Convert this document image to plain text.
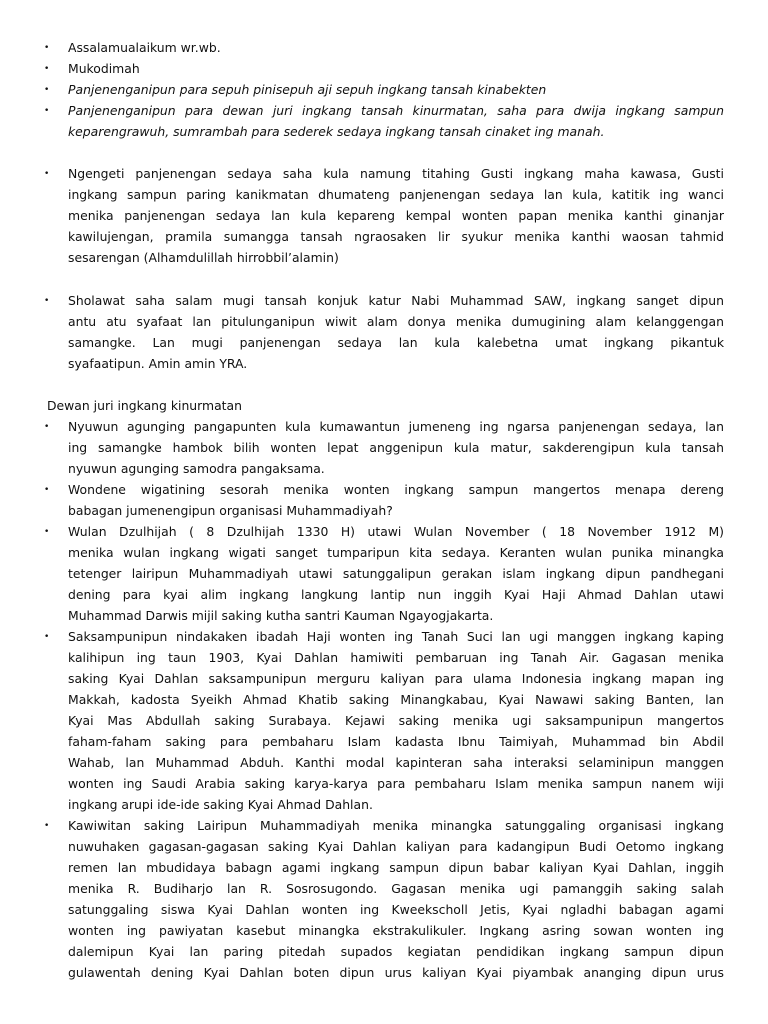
• Assalamualaikum wr.wb.
• Mukodimah
• Panjenenganipun para sepuh pinisepuh aji sepuh ingkang tansah kinabekten
• Panjenenganipun para dewan juri ingkang tansah kinurmatan, saha para dwija ingkang sampun
keparengrawuh, sumrambah para sederek sedaya ingkang tansah cinaket ing manah.
• Ngengeti panjenengan sedaya saha kula namung titahing Gusti ingkang maha kawasa, Gusti
ingkang sampun paring kanikmatan dhumateng panjenengan sedaya lan kula, katitik ing wanci
menika panjenengan sedaya lan kula kepareng kempal wonten papan menika kanthi ginanjar
kawilujengan, pramila sumangga tansah ngraosaken lir syukur menika kanthi waosan tahmid
sesarengan (Alhamdulillah hirrobbil’alamin)
• Sholawat saha salam mugi tansah konjuk katur Nabi Muhammad SAW, ingkang sanget dipun
antu atu syafaat lan pitulunganipun wiwit alam donya menika dumugining alam kelanggengan
samangke. Lan mugi panjenengan sedaya lan kula kalebetna umat ingkang pikantuk
syafaatipun. Amin amin YRA.
Dewan juri ingkang kinurmatan
• Nyuwun agunging pangapunten kula kumawantun jumeneng ing ngarsa panjenengan sedaya, lan
ing samangke hambok bilih wonten lepat anggenipun kula matur, sakderengipun kula tansah
nyuwun agunging samodra pangaksama.
• Wondene wigatining sesorah menika wonten ingkang sampun mangertos menapa dereng
babagan jumenengipun organisasi Muhammadiyah?
• Wulan Dzulhijah ( 8 Dzulhijah 1330 H) utawi Wulan November ( 18 November 1912 M)
menika wulan ingkang wigati sanget tumparipun kita sedaya. Keranten wulan punika minangka
tetenger lairipun Muhammadiyah utawi satunggalipun gerakan islam ingkang dipun pandhegani
dening para kyai alim ingkang langkung lantip nun inggih Kyai Haji Ahmad Dahlan utawi
Muhammad Darwis mijil saking kutha santri Kauman Ngayogjakarta.
• Saksampunipun nindakaken ibadah Haji wonten ing Tanah Suci lan ugi manggen ingkang kaping
kalihipun ing taun 1903, Kyai Dahlan hamiwiti pembaruan ing Tanah Air. Gagasan menika
saking Kyai Dahlan saksampunipun merguru kaliyan para ulama Indonesia ingkang mapan ing
Makkah, kadosta Syeikh Ahmad Khatib saking Minangkabau, Kyai Nawawi saking Banten, lan
Kyai Mas Abdullah saking Surabaya. Kejawi saking menika ugi saksampunipun mangertos
faham-faham saking para pembaharu Islam kadasta Ibnu Taimiyah, Muhammad bin Abdil
Wahab, lan Muhammad Abduh. Kanthi modal kapinteran saha interaksi selaminipun manggen
wonten ing Saudi Arabia saking karya-karya para pembaharu Islam menika sampun nanem wiji
ingkang arupi ide-ide saking Kyai Ahmad Dahlan.
• Kawiwitan saking Lairipun Muhammadiyah menika minangka satunggaling organisasi ingkang
nuwuhaken gagasan-gagasan saking Kyai Dahlan kaliyan para kadangipun Budi Oetomo ingkang
remen lan mbudidaya babagn agami ingkang sampun dipun babar kaliyan Kyai Dahlan, inggih
menika R. Budiharjo lan R. Sosrosugondo. Gagasan menika ugi pamanggih saking salah
satunggaling siswa Kyai Dahlan wonten ing Kweekscholl Jetis, Kyai ngladhi babagan agami
wonten ing pawiyatan kasebut minangka ekstrakulikuler. Ingkang asring sowan wonten ing
dalemipun Kyai lan paring pitedah supados kegiatan pendidikan ingkang sampun dipun
gulawentah dening Kyai Dahlan boten dipun urus kaliyan Kyai piyambak ananging dipun urus
